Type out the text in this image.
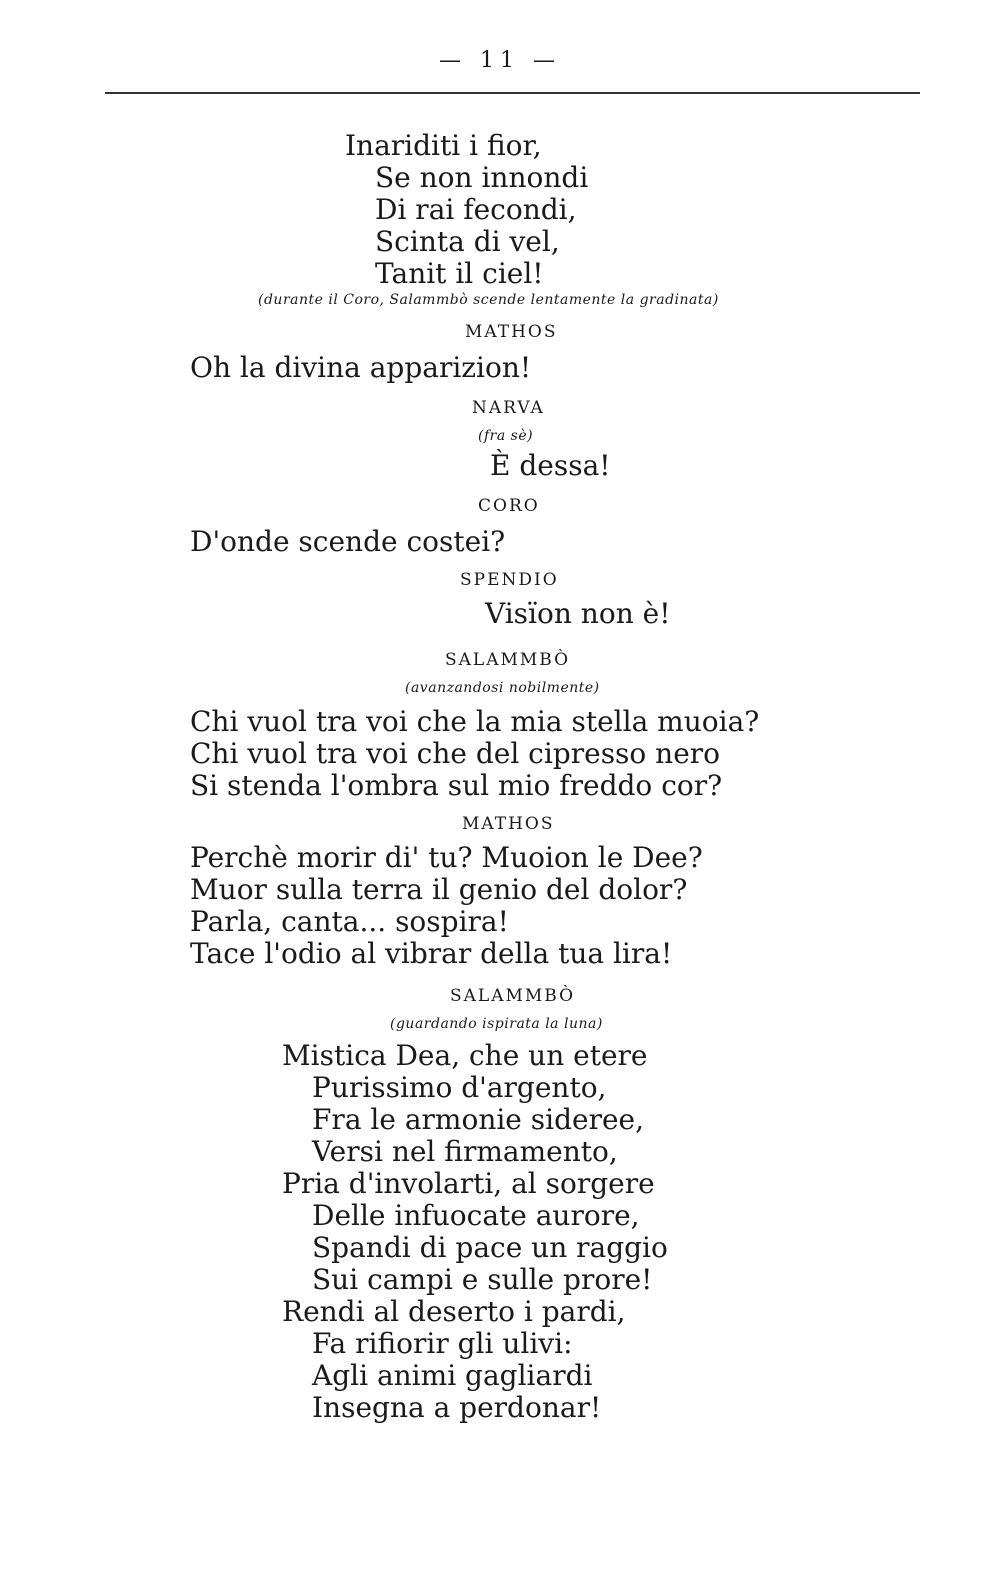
— 11 —
Inariditi i fior,
Se non innondi
Di rai fecondi,
Scinta di vel,
Tanit il ciel!
(durante il Coro, Salammbò scende lentamente la gradinata)
MATHOS
Oh la divina apparizion!
NARVA
(fra sè)
È dessa!
CORO
D'onde scende costei?
SPENDIO
Visïon non è!
SALAMMBÒ
(avanzandosi nobilmente)
Chi vuol tra voi che la mia stella muoia?
Chi vuol tra voi che del cipresso nero
Si stenda l'ombra sul mio freddo cor?
MATHOS
Perchè morir di' tu? Muoion le Dee?
Muor sulla terra il genio del dolor?
Parla, canta... sospira!
Tace l'odio al vibrar della tua lira!
SALAMMBÒ
(guardando ispirata la luna)
Mistica Dea, che un etere
Purissimo d'argento,
Fra le armonie sideree,
Versi nel firmamento,
Pria d'involarti, al sorgere
Delle infuocate aurore,
Spandi di pace un raggio
Sui campi e sulle prore!
Rendi al deserto i pardi,
Fa rifiorir gli ulivi:
Agli animi gagliardi
Insegna a perdonar!
